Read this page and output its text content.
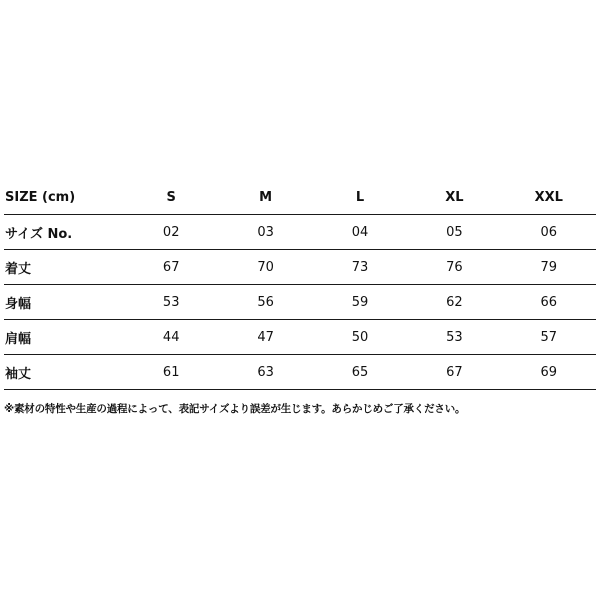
SIZE (cm)	S	M	L	XL	XXL
サイズ No.	02	03	04	05	06
着丈	67	70	73	76	79
身幅	53	56	59	62	66
肩幅	44	47	50	53	57
袖丈	61	63	65	67	69
※素材の特性や生産の過程によって、表記サイズより誤差が生じます。あらかじめご了承ください。
